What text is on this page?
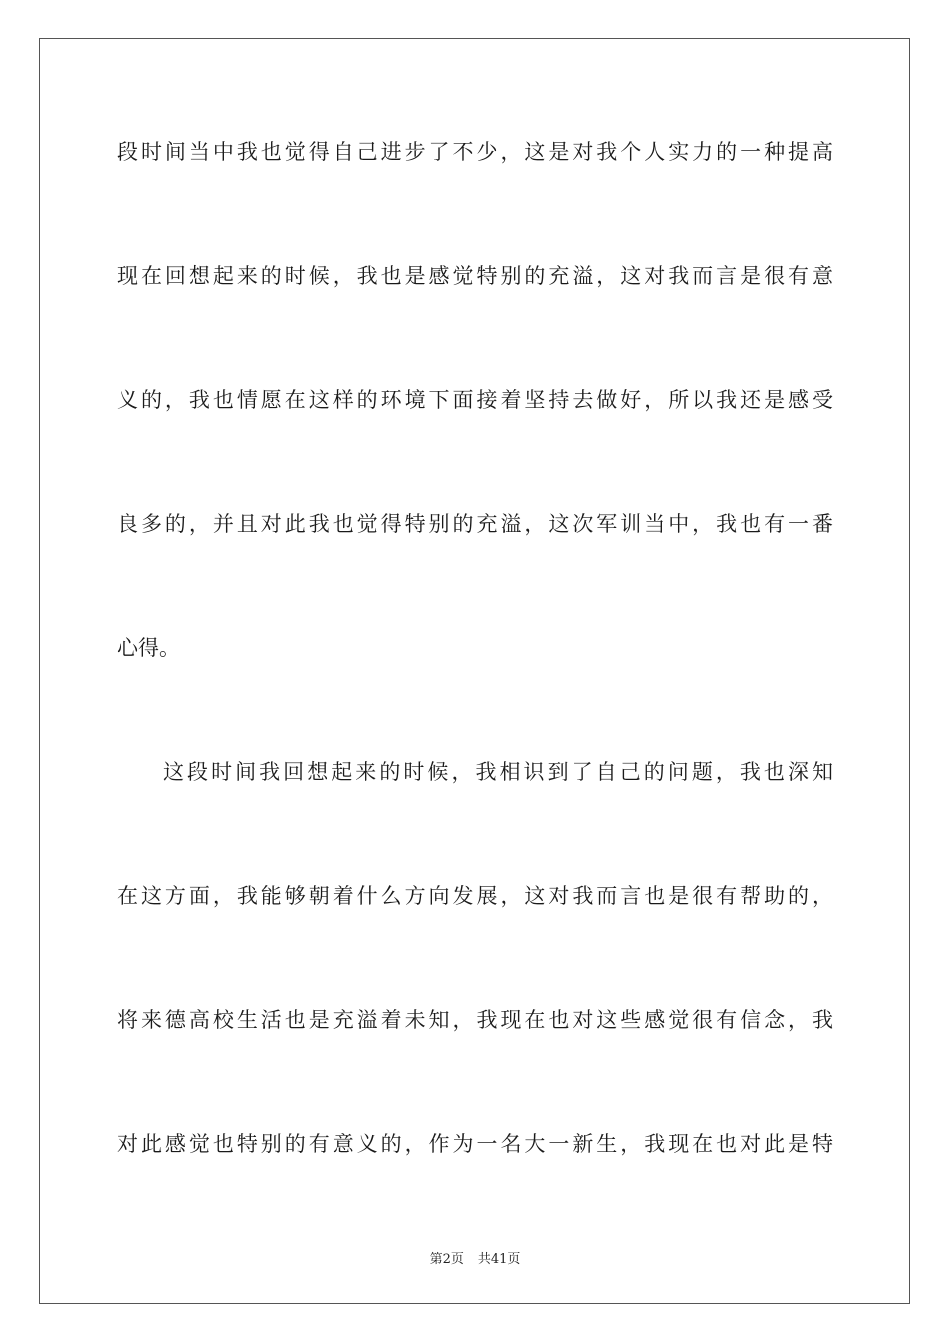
段时间当中我也觉得自己进步了不少，这是对我个人实力的一种提高
现在回想起来的时候，我也是感觉特别的充溢，这对我而言是很有意
义的，我也情愿在这样的环境下面接着坚持去做好，所以我还是感受
良多的，并且对此我也觉得特别的充溢，这次军训当中，我也有一番
心得。
这段时间我回想起来的时候，我相识到了自己的问题，我也深知
在这方面，我能够朝着什么方向发展，这对我而言也是很有帮助的，
将来德高校生活也是充溢着未知，我现在也对这些感觉很有信念，我
对此感觉也特别的有意义的，作为一名大一新生，我现在也对此是特
第2页 共41页
